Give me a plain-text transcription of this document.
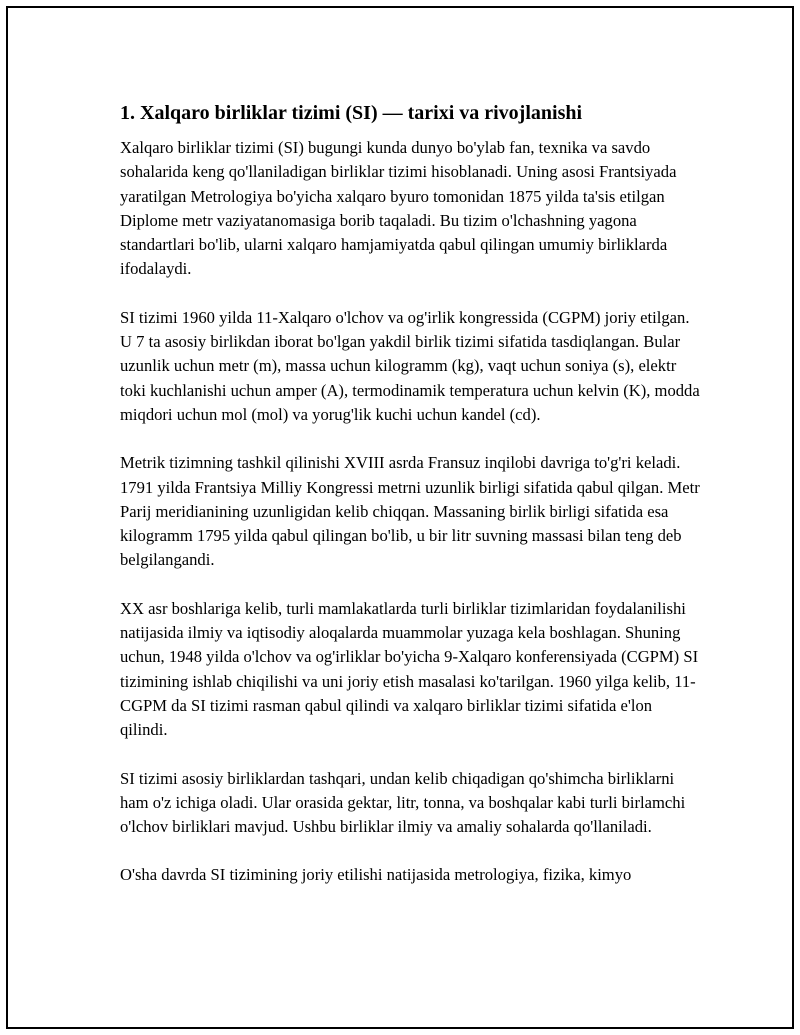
1. Xalqaro birliklar tizimi (SI) — tarixi va rivojlanishi

Xalqaro birliklar tizimi (SI) bugungi kunda dunyo bo'ylab fan, texnika va savdo sohalarida keng qo'llaniladigan birliklar tizimi hisoblanadi. Uning asosi Frantsiyada yaratilgan Metrologiya bo'yicha xalqaro byuro tomonidan 1875 yilda ta'sis etilgan Diplome metr vaziyatanomasiga borib taqaladi. Bu tizim o'lchashning yagona standartlari bo'lib, ularni xalqaro hamjamiyatda qabul qilingan umumiy birliklarda ifodalaydi.

SI tizimi 1960 yilda 11-Xalqaro o'lchov va og'irlik kongressida (CGPM) joriy etilgan. U 7 ta asosiy birlikdan iborat bo'lgan yakdil birlik tizimi sifatida tasdiqlangan. Bular uzunlik uchun metr (m), massa uchun kilogramm (kg), vaqt uchun soniya (s), elektr toki kuchlanishi uchun amper (A), termodinamik temperatura uchun kelvin (K), modda miqdori uchun mol (mol) va yorug'lik kuchi uchun kandel (cd).

Metrik tizimning tashkil qilinishi XVIII asrda Fransuz inqilobi davriga to'g'ri keladi. 1791 yilda Frantsiya Milliy Kongressi metrni uzunlik birligi sifatida qabul qilgan. Metr Parij meridianining uzunligidan kelib chiqqan. Massaning birlik birligi sifatida esa kilogramm 1795 yilda qabul qilingan bo'lib, u bir litr suvning massasi bilan teng deb belgilangandi.

XX asr boshlariga kelib, turli mamlakatlarda turli birliklar tizimlaridan foydalanilishi natijasida ilmiy va iqtisodiy aloqalarda muammolar yuzaga kela boshlagan. Shuning uchun, 1948 yilda o'lchov va og'irliklar bo'yicha 9-Xalqaro konferensiyada (CGPM) SI tizimining ishlab chiqilishi va uni joriy etish masalasi ko'tarilgan. 1960 yilga kelib, 11-CGPM da SI tizimi rasman qabul qilindi va xalqaro birliklar tizimi sifatida e'lon qilindi.

SI tizimi asosiy birliklardan tashqari, undan kelib chiqadigan qo'shimcha birliklarni ham o'z ichiga oladi. Ular orasida gektar, litr, tonna, va boshqalar kabi turli birlamchi o'lchov birliklari mavjud. Ushbu birliklar ilmiy va amaliy sohalarda qo'llaniladi.

O'sha davrda SI tizimining joriy etilishi natijasida metrologiya, fizika, kimyo
